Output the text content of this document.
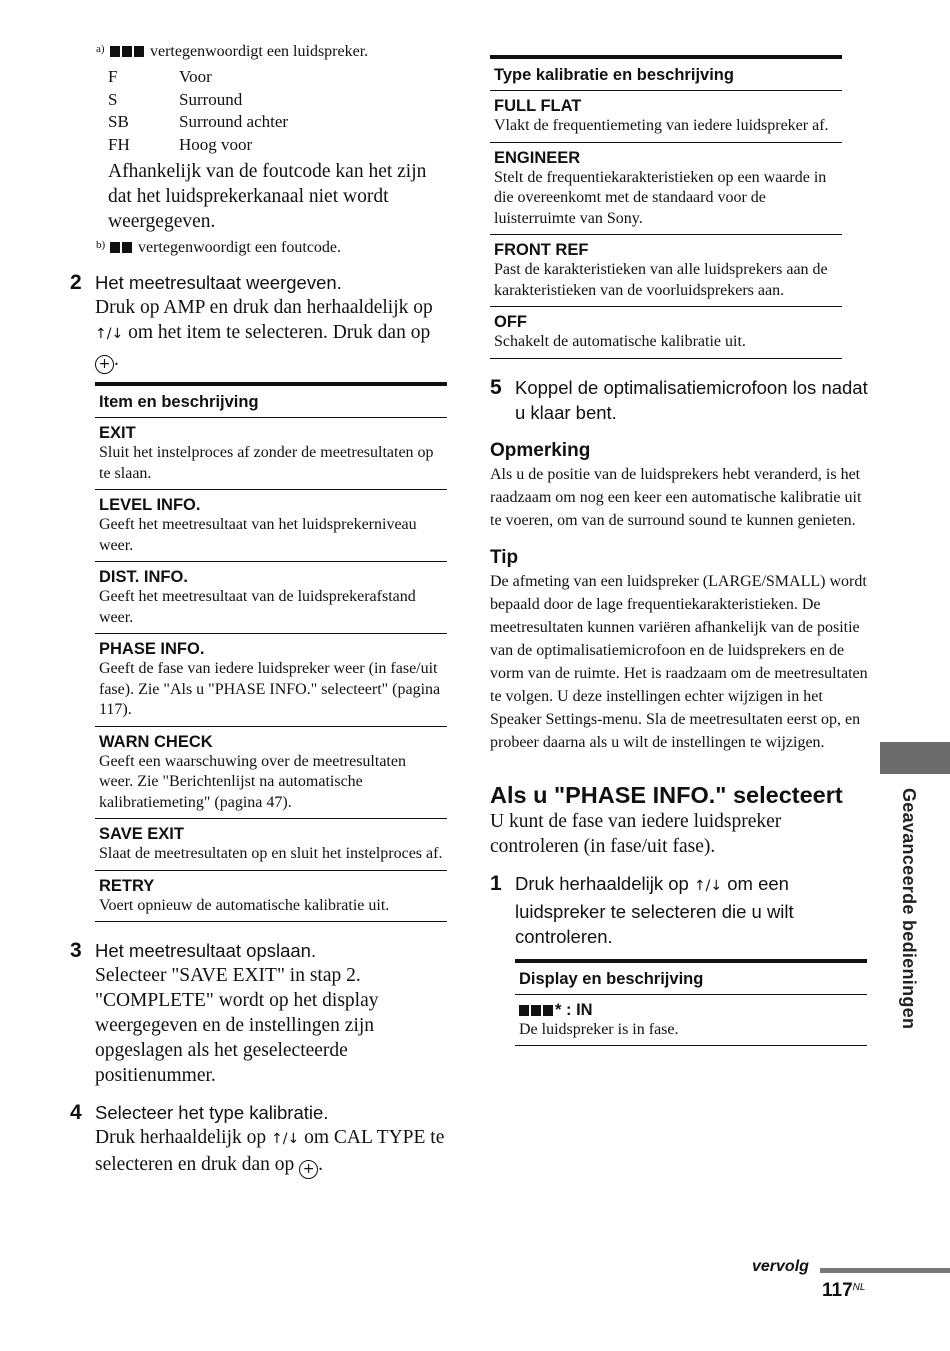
a)	vertegenwoordigt een luidspreker.
F	Voor
S	Surround
SB	Surround achter
FH	Hoog voor
Afhankelijk van de foutcode kan het zijn dat het luidsprekerkanaal niet wordt weergegeven.
b) vertegenwoordigt een foutcode.
2 Het meetresultaat weergeven.
Druk op AMP en druk dan herhaaldelijk op ↑/↓ om het item te selecteren. Druk dan op + .
Item en beschrijving
EXIT
Sluit het instelproces af zonder de meetresultaten op te slaan.
LEVEL INFO.
Geeft het meetresultaat van het luidsprekerniveau weer.
DIST. INFO.
Geeft het meetresultaat van de luidsprekerafstand weer.
PHASE INFO.
Geeft de fase van iedere luidspreker weer (in fase/uit fase). Zie "Als u "PHASE INFO." selecteert" (pagina 117).
WARN CHECK
Geeft een waarschuwing over de meetresultaten weer. Zie "Berichtenlijst na automatische kalibratiemeting" (pagina 47).
SAVE EXIT
Slaat de meetresultaten op en sluit het instelproces af.
RETRY
Voert opnieuw de automatische kalibratie uit.
3 Het meetresultaat opslaan.
Selecteer "SAVE EXIT" in stap 2. "COMPLETE" wordt op het display weergegeven en de instellingen zijn opgeslagen als het geselecteerde positienummer.
4 Selecteer het type kalibratie.
Druk herhaaldelijk op ↑/↓ om CAL TYPE te selecteren en druk dan op + .
Type kalibratie en beschrijving
FULL FLAT
Vlakt de frequentiemeting van iedere luidspreker af.
ENGINEER
Stelt de frequentiekarakteristieken op een waarde in die overeenkomt met de standaard voor de luisterruimte van Sony.
FRONT REF
Past de karakteristieken van alle luidsprekers aan de karakteristieken van de voorluidsprekers aan.
OFF
Schakelt de automatische kalibratie uit.
5 Koppel de optimalisatiemicrofoon los nadat u klaar bent.
Opmerking
Als u de positie van de luidsprekers hebt veranderd, is het raadzaam om nog een keer een automatische kalibratie uit te voeren, om van de surround sound te kunnen genieten.
Tip
De afmeting van een luidspreker (LARGE/SMALL) wordt bepaald door de lage frequentiekarakteristieken. De meetresultaten kunnen variëren afhankelijk van de positie van de optimalisatiemicrofoon en de luidsprekers en de vorm van de ruimte. Het is raadzaam om de meetresultaten te volgen. U deze instellingen echter wijzigen in het Speaker Settings-menu. Sla de meetresultaten eerst op, en probeer daarna als u wilt de instellingen te wijzigen.
Als u "PHASE INFO." selecteert
U kunt de fase van iedere luidspreker controleren (in fase/uit fase).
1 Druk herhaaldelijk op ↑/↓ om een luidspreker te selecteren die u wilt controleren.
Display en beschrijving
* : IN
De luidspreker is in fase.	Geavanceerde bedieningen
vervolg
$117^{NL}$
